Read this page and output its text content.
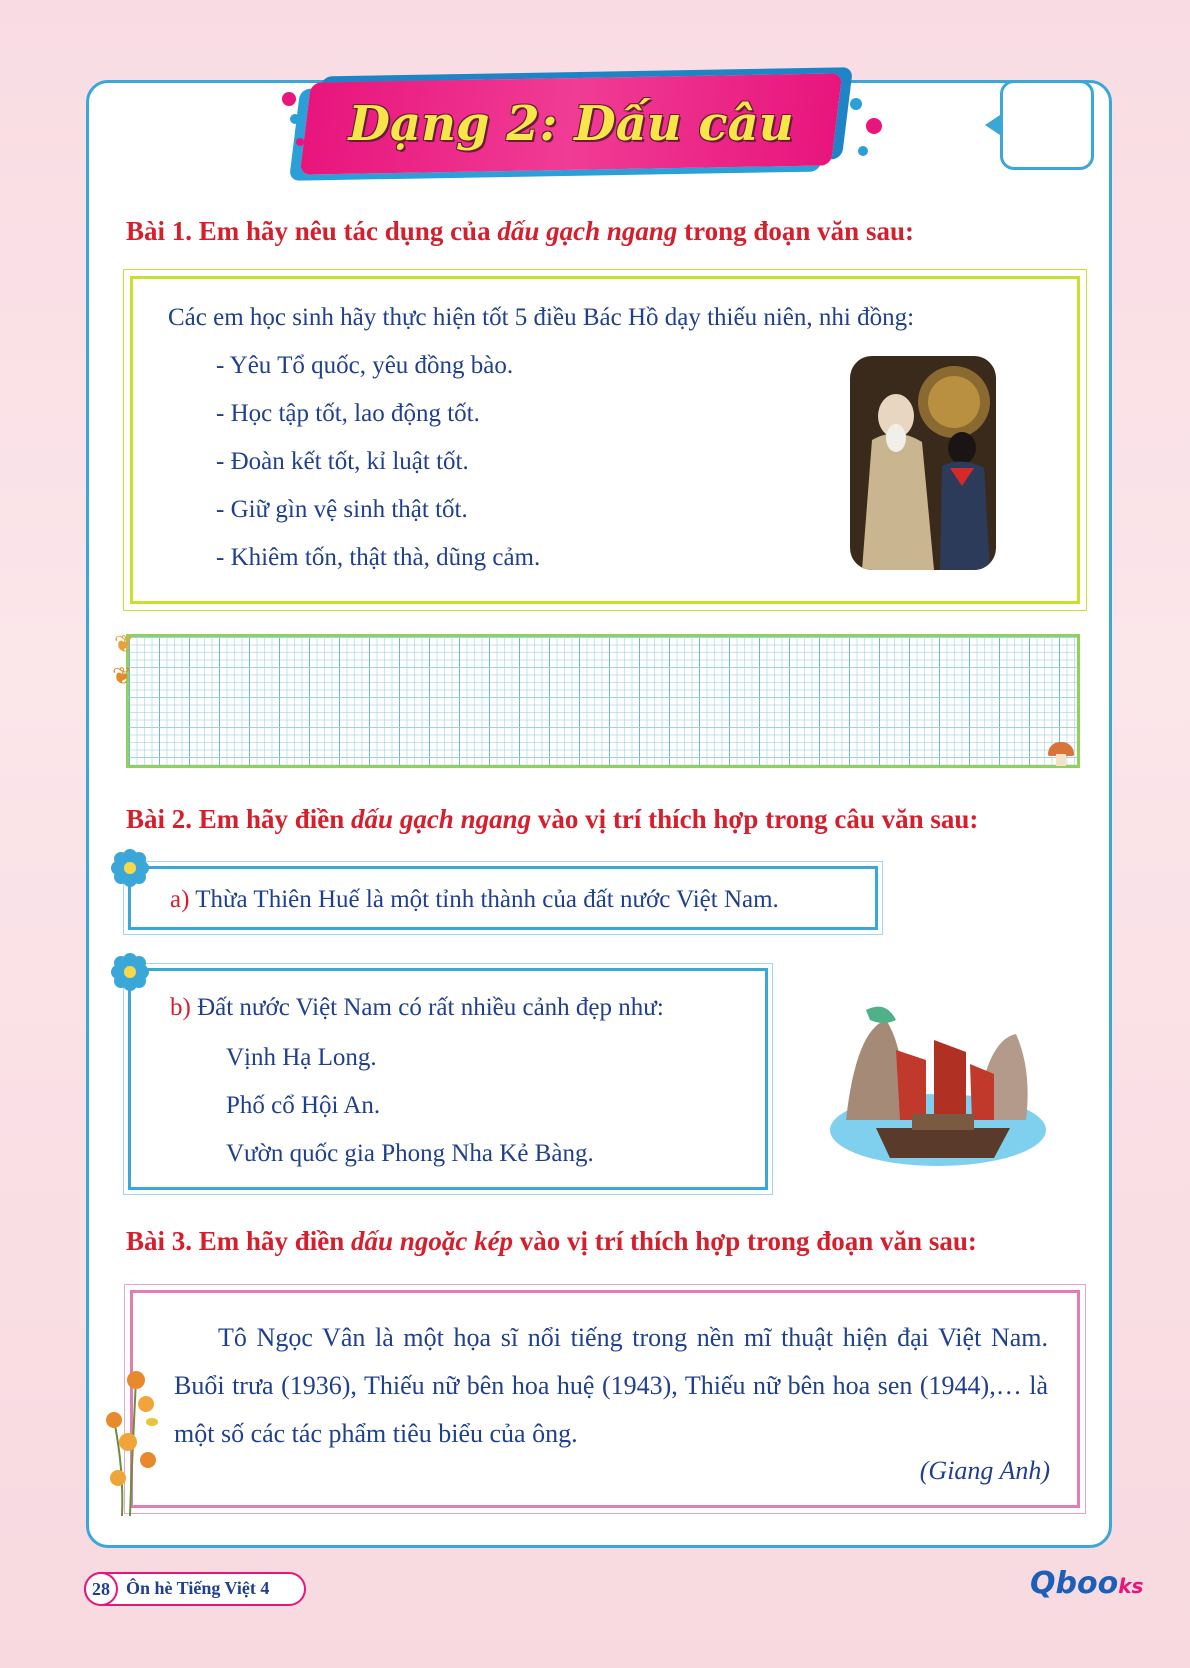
Dạng 2: Dấu câu
Bài 1. Em hãy nêu tác dụng của dấu gạch ngang trong đoạn văn sau:
Các em học sinh hãy thực hiện tốt 5 điều Bác Hồ dạy thiếu niên, nhi đồng:
- Yêu Tổ quốc, yêu đồng bào.
- Học tập tốt, lao động tốt.
- Đoàn kết tốt, kỉ luật tốt.
- Giữ gìn vệ sinh thật tốt.
- Khiêm tốn, thật thà, dũng cảm.
❦
❦
Bài 2. Em hãy điền dấu gạch ngang vào vị trí thích hợp trong câu văn sau:
a) Thừa Thiên Huế là một tỉnh thành của đất nước Việt Nam.
b) Đất nước Việt Nam có rất nhiều cảnh đẹp như:
Vịnh Hạ Long.
Phố cổ Hội An.
Vườn quốc gia Phong Nha Kẻ Bàng.
Bài 3. Em hãy điền dấu ngoặc kép vào vị trí thích hợp trong đoạn văn sau:
Tô Ngọc Vân là một họa sĩ nổi tiếng trong nền mĩ thuật hiện đại Việt Nam. Buổi trưa (1936), Thiếu nữ bên hoa huệ (1943), Thiếu nữ bên hoa sen (1944),… là một số các tác phẩm tiêu biểu của ông.
(Giang Anh)
28 Ôn hè Tiếng Việt 4	Qbooks
